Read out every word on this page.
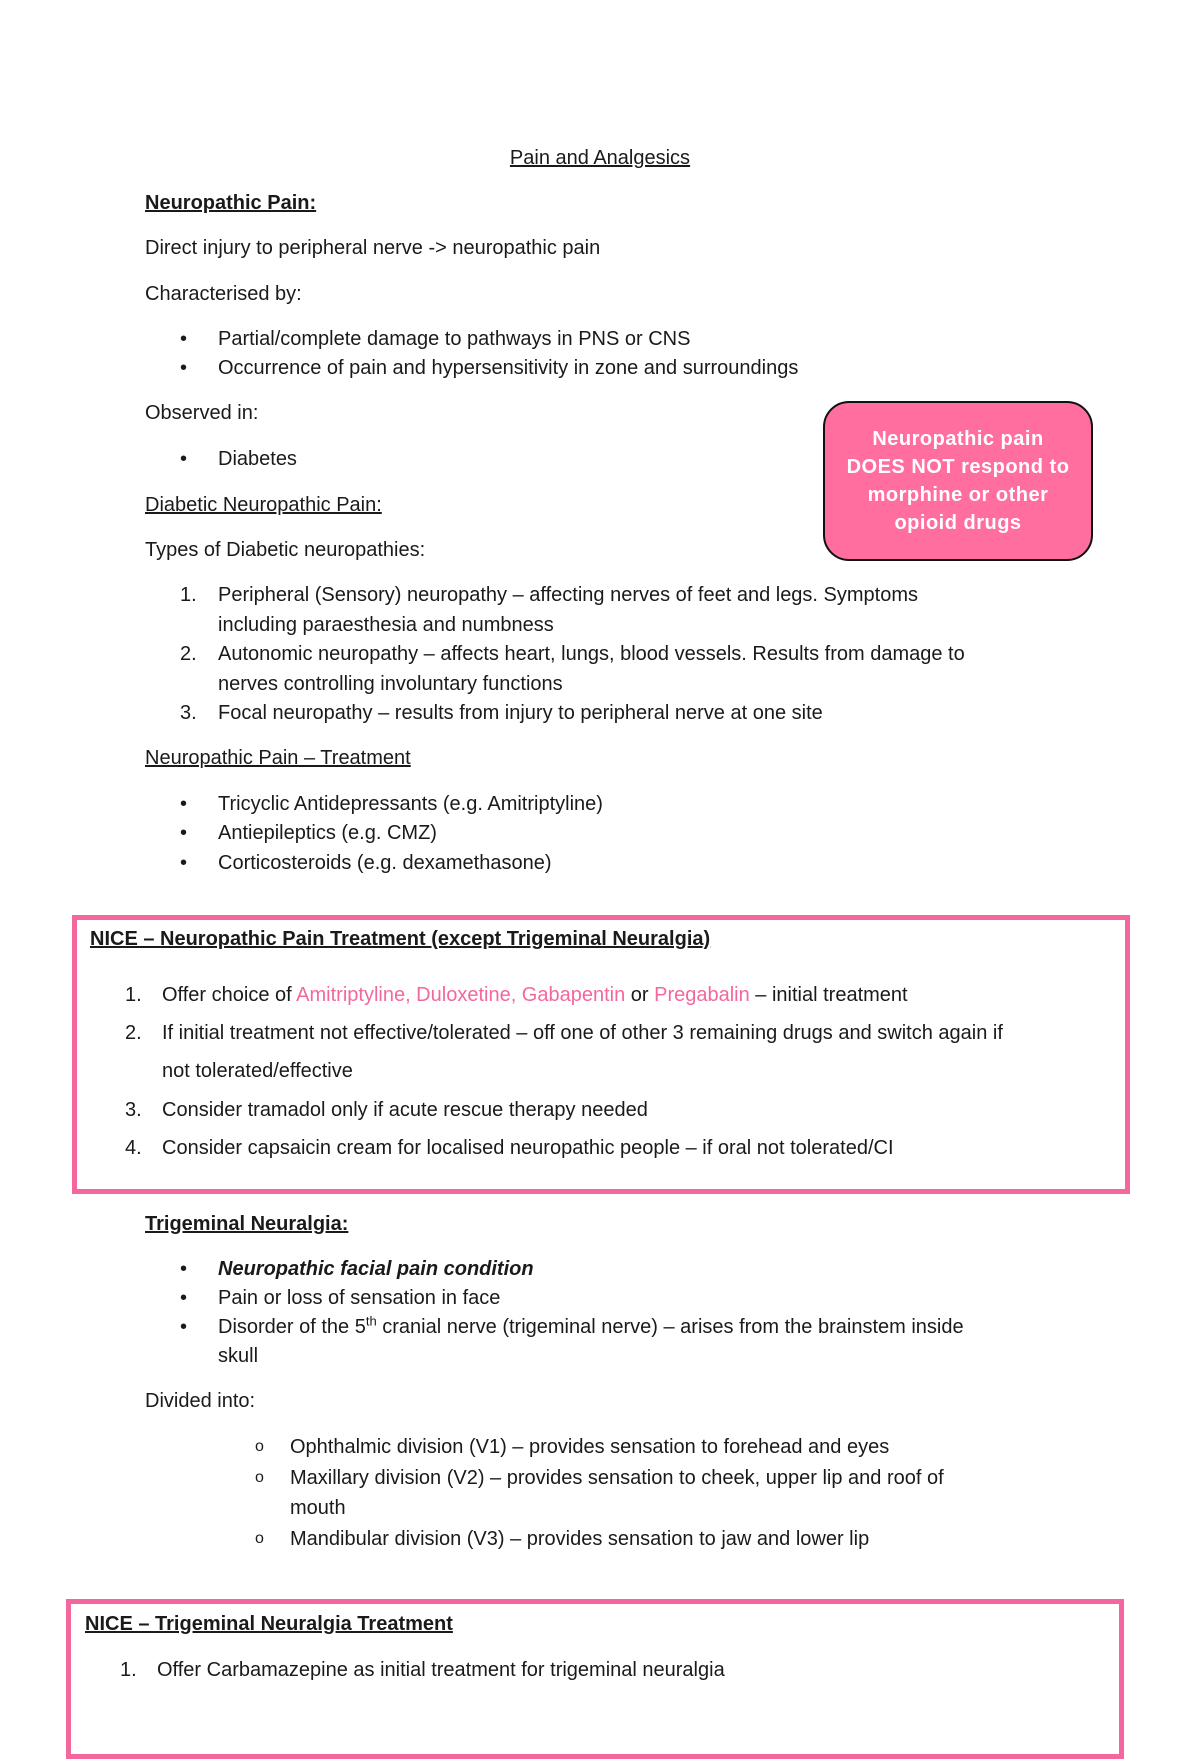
Pain and Analgesics

Neuropathic Pain:

Direct injury to peripheral nerve -> neuropathic pain

Characterised by:

•	Partial/complete damage to pathways in PNS or CNS
•	Occurrence of pain and hypersensitivity in zone and surroundings

Observed in:

•	Diabetes
Neuropathic pain DOES NOT respond to morphine or other opioid drugs

Diabetic Neuropathic Pain:

Types of Diabetic neuropathies:

1.	Peripheral (Sensory) neuropathy – affecting nerves of feet and legs. Symptoms
including paraesthesia and numbness
2.	Autonomic neuropathy – affects heart, lungs, blood vessels. Results from damage to
nerves controlling involuntary functions
3.	Focal neuropathy – results from injury to peripheral nerve at one site

Neuropathic Pain – Treatment

•	Tricyclic Antidepressants (e.g. Amitriptyline)
•	Antiepileptics (e.g. CMZ)
•	Corticosteroids (e.g. dexamethasone)

NICE – Neuropathic Pain Treatment (except Trigeminal Neuralgia)

1. Offer choice of Amitriptyline, Duloxetine, Gabapentin or Pregabalin – initial treatment
2. If initial treatment not effective/tolerated – off one of other 3 remaining drugs and switch again if
not tolerated/effective
3. Consider tramadol only if acute rescue therapy needed
4. Consider capsaicin cream for localised neuropathic people – if oral not tolerated/CI

Trigeminal Neuralgia:

•	Neuropathic facial pain condition
•	Pain or loss of sensation in face
•	Disorder of the 5th cranial nerve (trigeminal nerve) – arises from the brainstem inside
skull

Divided into:

o Ophthalmic division (V1) – provides sensation to forehead and eyes
o Maxillary division (V2) – provides sensation to cheek, upper lip and roof of
mouth
o Mandibular division (V3) – provides sensation to jaw and lower lip

NICE – Trigeminal Neuralgia Treatment

1. Offer Carbamazepine as initial treatment for trigeminal neuralgia
